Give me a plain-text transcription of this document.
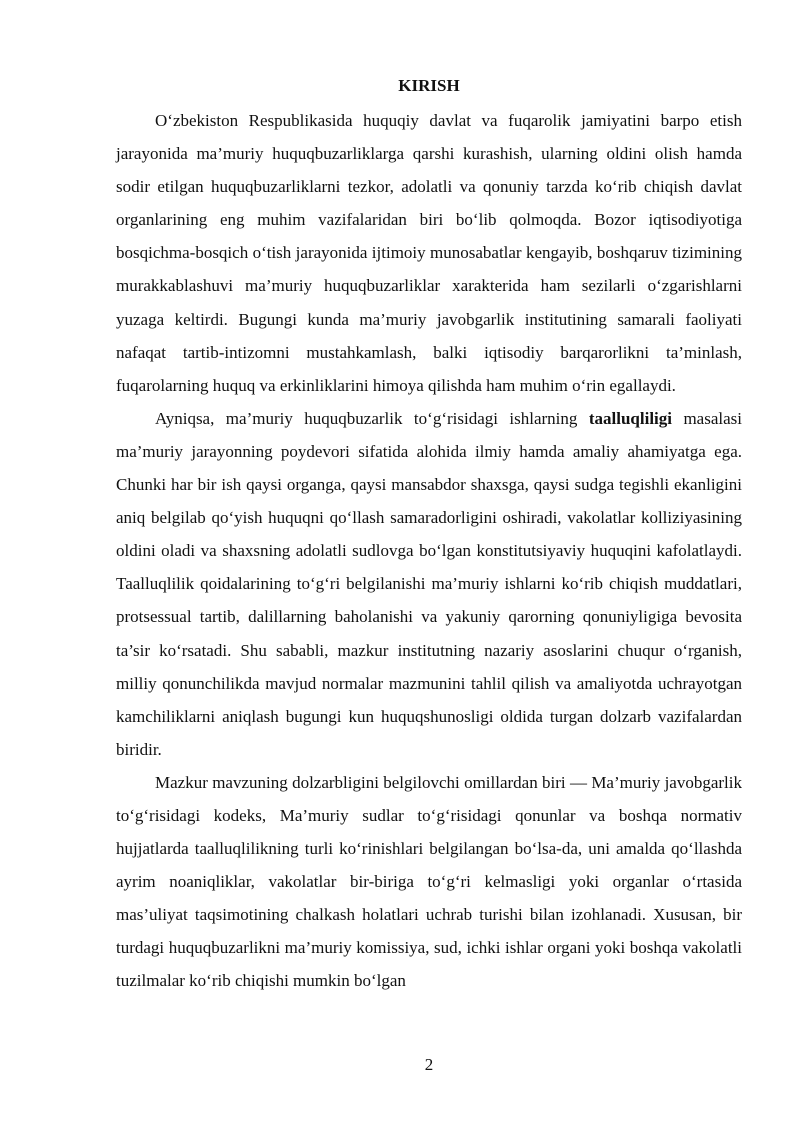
KIRISH

O‘zbekiston Respublikasida huquqiy davlat va fuqarolik jamiyatini barpo etish jarayonida ma’muriy huquqbuzarliklarga qarshi kurashish, ularning oldini olish hamda sodir etilgan huquqbuzarliklarni tezkor, adolatli va qonuniy tarzda ko‘rib chiqish davlat organlarining eng muhim vazifalaridan biri bo‘lib qolmoqda. Bozor iqtisodiyotiga bosqichma-bosqich o‘tish jarayonida ijtimoiy munosabatlar kengayib, boshqaruv tizimining murakkablashuvi ma’muriy huquqbuzarliklar xarakterida ham sezilarli o‘zgarishlarni yuzaga keltirdi. Bugungi kunda ma’muriy javobgarlik institutining samarali faoliyati nafaqat tartib-intizomni mustahkamlash, balki iqtisodiy barqarorlikni ta’minlash, fuqarolarning huquq va erkinliklarini himoya qilishda ham muhim o‘rin egallaydi.

Ayniqsa, ma’muriy huquqbuzarlik to‘g‘risidagi ishlarning taalluqliligi masalasi ma’muriy jarayonning poydevori sifatida alohida ilmiy hamda amaliy ahamiyatga ega. Chunki har bir ish qaysi organga, qaysi mansabdor shaxsga, qaysi sudga tegishli ekanligini aniq belgilab qo‘yish huquqni qo‘llash samaradorligini oshiradi, vakolatlar kolliziyasining oldini oladi va shaxsning adolatli sudlovga bo‘lgan konstitutsiyaviy huquqini kafolatlaydi. Taalluqlilik qoidalarining to‘g‘ri belgilanishi ma’muriy ishlarni ko‘rib chiqish muddatlari, protsessual tartib, dalillarning baholanishi va yakuniy qarorning qonuniyligiga bevosita ta’sir ko‘rsatadi. Shu sababli, mazkur institutning nazariy asoslarini chuqur o‘rganish, milliy qonunchilikda mavjud normalar mazmunini tahlil qilish va amaliyotda uchrayotgan kamchiliklarni aniqlash bugungi kun huquqshunosligi oldida turgan dolzarb vazifalardan biridir.

Mazkur mavzuning dolzarbligini belgilovchi omillardan biri — Ma’muriy javobgarlik to‘g‘risidagi kodeks, Ma’muriy sudlar to‘g‘risidagi qonunlar va boshqa normativ hujjatlarda taalluqlilikning turli ko‘rinishlari belgilangan bo‘lsa-da, uni amalda qo‘llashda ayrim noaniqliklar, vakolatlar bir-biriga to‘g‘ri kelmasligi yoki organlar o‘rtasida mas’uliyat taqsimotining chalkash holatlari uchrab turishi bilan izohlanadi. Xususan, bir turdagi huquqbuzarlikni ma’muriy komissiya, sud, ichki ishlar organi yoki boshqa vakolatli tuzilmalar ko‘rib chiqishi mumkin bo‘lgan

2
